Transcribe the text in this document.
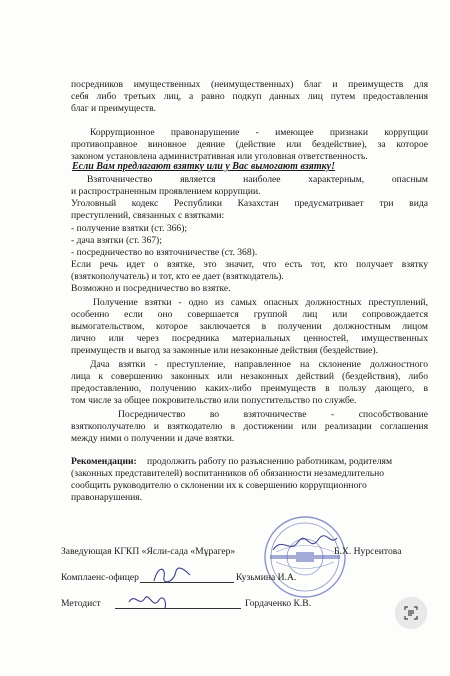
посредников имущественных (неимущественных) благ и преимуществ для
себя либо третьих лиц, а равно подкуп данных лиц путем предоставления
благ и преимуществ.
Коррупционное правонарушение - имеющее признаки коррупции
противоправное виновное деяние (действие или бездействие), за которое
законом установлена административная или уголовная ответственность.
Если Вам предлагают взятку или у Вас вымогают взятку!
Взяточничество является наиболее характерным, опасным
и распространенным проявлением коррупции.
Уголовный кодекс Республики Казахстан предусматривает три вида
преступлений, связанных с взятками:
- получение взятки (ст. 366);
- дача взятки (ст. 367);
- посредничество во взяточничестве (ст. 368).
Если речь идет о взятке, это значит, что есть тот, кто получает взятку
(взяткополучатель) и тот, кто ее дает (взяткодатель).
Возможно и посредничество во взятке.
Получение взятки - одно из самых опасных должностных преступлений,
особенно если оно совершается группой лиц или сопровождается
вымогательством, которое заключается в получении должностным лицом
лично или через посредника материальных ценностей, имущественных
преимуществ и выгод за законные или незаконные действия (бездействие).
Дача взятки - преступление, направленное на склонение должностного
лица к совершению законных или незаконных действий (бездействия), либо
предоставлению, получению каких-либо преимуществ в пользу дающего, в
том числе за общее покровительство или попустительство по службе.
Посредничество во взяточничестве - способствование
взяткополучателю и взяткодателю в достижении или реализации соглашения
между ними о получении и даче взятки.
Рекомендации: продолжить работу по разъяснению работникам, родителям
(законных представителей) воспитанников об обязанности незамедлительно
сообщить руководителю о склонении их к совершению коррупционного
правонарушения.
Заведующая КГКП «Ясли-сада «Мұрагер»	Б.Х. Нурсеитова
Комплаенс-офицер	Кузьмина И.А.
Методист	Гордаченко К.В.
